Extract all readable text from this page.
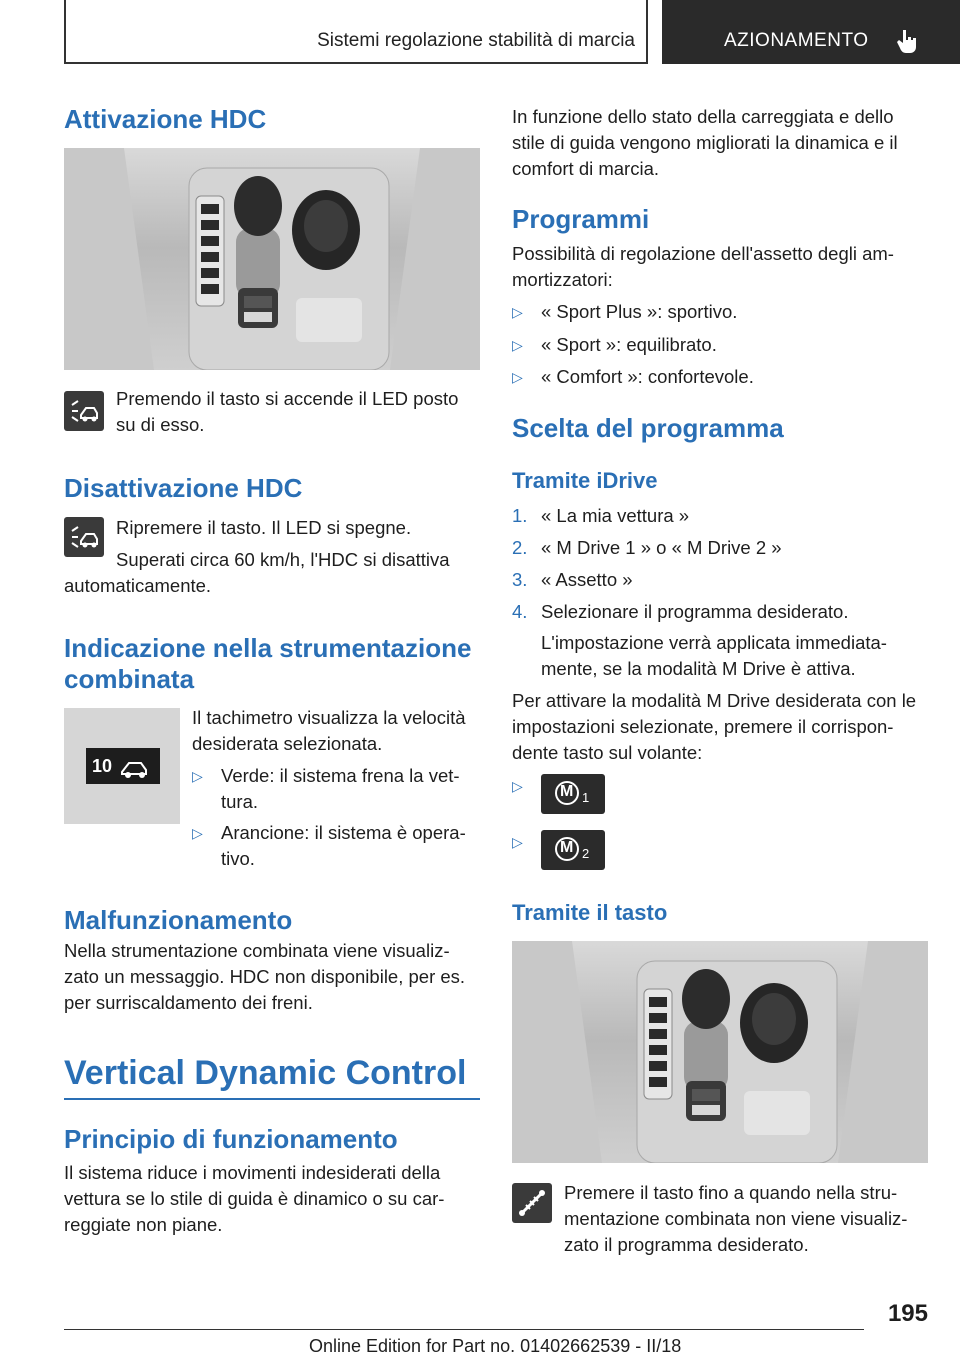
Sistemi regolazione stabilità di marcia	AZIONAMENTO
Attivazione HDC
Premendo il tasto si accende il LED posto su di esso.
Disattivazione HDC
Ripremere il tasto. Il LED si spegne.
Superati circa 60 km/h, l'HDC si disattiva automaticamente.
Indicazione nella strumentazione combinata
10
Il tachimetro visualizza la velocità desiderata selezionata.
▷ Verde: il sistema frena la vet‐tura.
▷ Arancione: il sistema è opera‐tivo.
Malfunzionamento
Nella strumentazione combinata viene visualiz‐zato un messaggio. HDC non disponibile, per es. per surriscaldamento dei freni.
Vertical Dynamic Control
Principio di funzionamento
Il sistema riduce i movimenti indesiderati della vettura se lo stile di guida è dinamico o su car‐reggiate non piane.
In funzione dello stato della carreggiata e dello stile di guida vengono migliorati la dinamica e il comfort di marcia.
Programmi
Possibilità di regolazione dell'assetto degli am‐mortizzatori:
▷ « Sport Plus »: sportivo.
▷ « Sport »: equilibrato.
▷ « Comfort »: confortevole.
Scelta del programma
Tramite iDrive
1. « La mia vettura »
2. « M Drive 1 » o « M Drive 2 »
3. « Assetto »
4. Selezionare il programma desiderato.
L'impostazione verrà applicata immediata‐mente, se la modalità M Drive è attiva.
Per attivare la modalità M Drive desiderata con le impostazioni selezionate, premere il corrispon‐dente tasto sul volante:
▷ M 1
▷ M 2
Tramite il tasto
Premere il tasto fino a quando nella stru‐mentazione combinata non viene visualiz‐zato il programma desiderato.
195
Online Edition for Part no. 01402662539 - II/18
